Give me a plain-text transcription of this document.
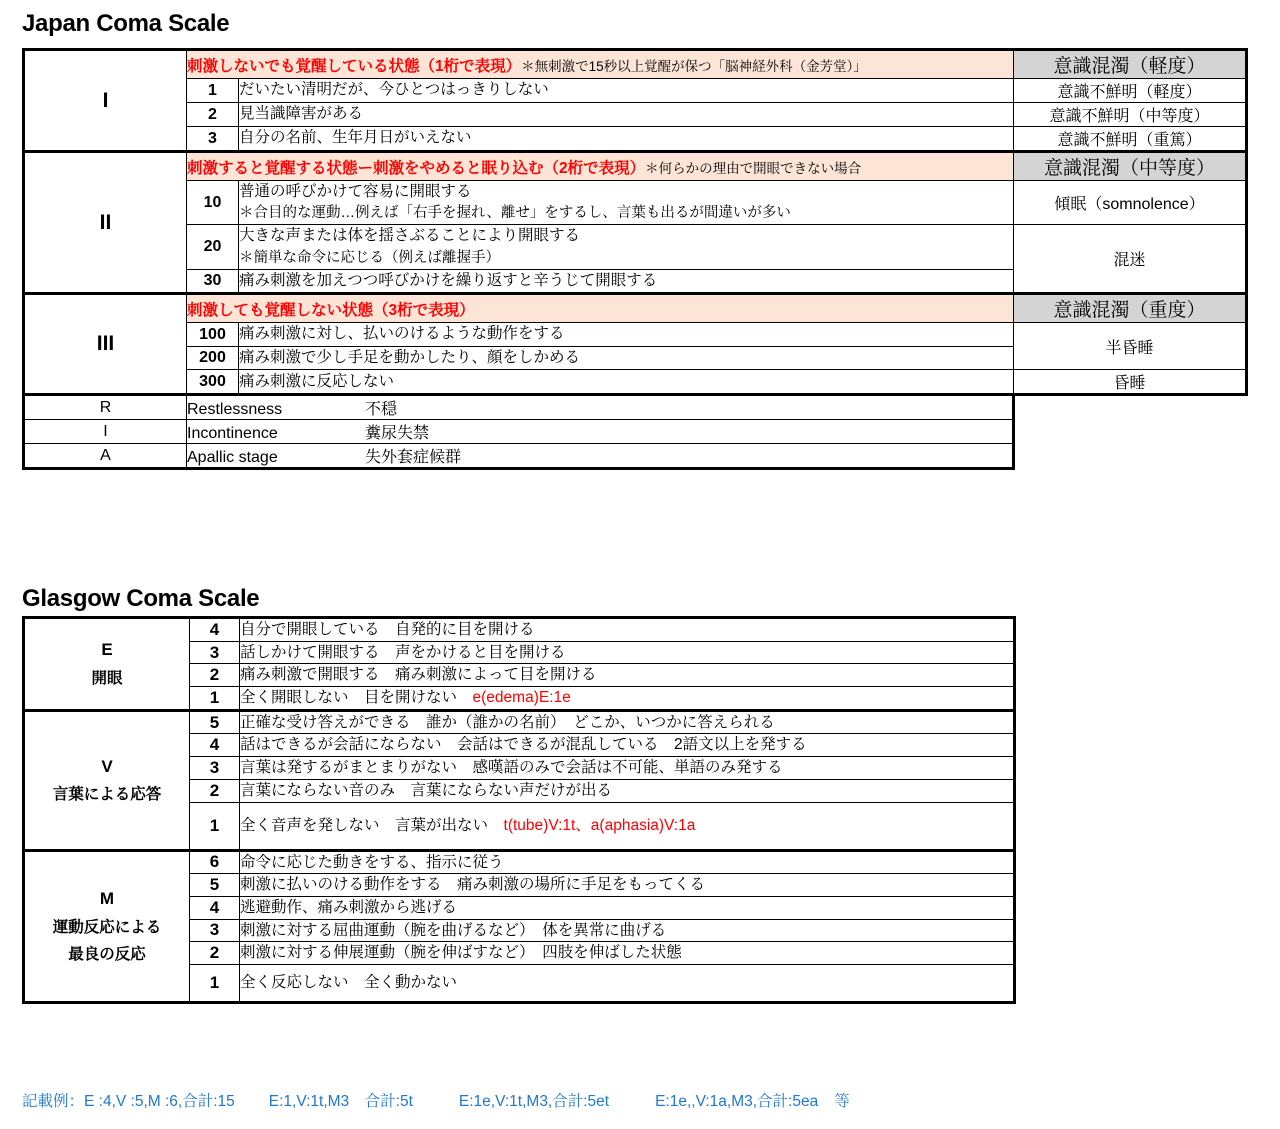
Japan Coma Scale
I	刺激しないでも覚醒している状態（1桁で表現）＊無刺激で15秒以上覚醒が保つ「脳神経外科（金芳堂）」		意識混濁（軽度）
	1	だいたい清明だが、今ひとつはっきりしない	意識不鮮明（軽度）
	2	見当識障害がある	意識不鮮明（中等度）
	3	自分の名前、生年月日がいえない	意識不鮮明（重篤）
II	刺激すると覚醒する状態ー刺激をやめると眠り込む（2桁で表現）＊何らかの理由で開眼できない場合		意識混濁（中等度）
	10	普通の呼びかけて容易に開眼する
＊合目的な運動…例えば「右手を握れ、離せ」をするし、言葉も出るが間違いが多い	傾眠（somnolence）
	20	大きな声または体を揺さぶることにより開眼する
＊簡単な命令に応じる（例えば離握手）	混迷
	30	痛み刺激を加えつつ呼びかけを繰り返すと辛うじて開眼する	
III	刺激しても覚醒しない状態（3桁で表現）		意識混濁（重度）
	100	痛み刺激に対し、払いのけるような動作をする	半昏睡
	200	痛み刺激で少し手足を動かしたり、顔をしかめる	
	300	痛み刺激に反応しない	昏睡
R	Restlessness 不穏		
I	Incontinence 糞尿失禁		
A	Apallic stage 失外套症候群		
Glasgow Coma Scale
E
開眼	4	自分で開眼している　自発的に目を開ける
	3	話しかけて開眼する　声をかけると目を開ける
	2	痛み刺激で開眼する　痛み刺激によって目を開ける
	1	全く開眼しない　目を開けない　e(edema)E:1e

V
言葉による応答	5	正確な受け答えができる　誰か（誰かの名前）　どこか、いつかに答えられる
	4	話はできるが会話にならない　会話はできるが混乱している　2語文以上を発する
	3	言葉は発するがまとまりがない　感嘆語のみで会話は不可能、単語のみ発する
	2	言葉にならない音のみ　言葉にならない声だけが出る
	1	全く音声を発しない　言葉が出ない　t(tube)V:1t、a(aphasia)V:1a

M
運動反応による
最良の反応	6	命令に応じた動きをする、指示に従う
	5	刺激に払いのける動作をする　痛み刺激の場所に手足をもってくる
	4	逃避動作、痛み刺激から逃げる
	3	刺激に対する屈曲運動（腕を曲げるなど）　体を異常に曲げる
	2	刺激に対する伸展運動（腕を伸ばすなど）　四肢を伸ばした状態
	1	全く反応しない　全く動かない
記載例：E :4,V :5,M :6,合計:15 E:1,V:1t,M3　合計:5t	E:1e,V:1t,M3,合計:5et	E:1e,,V:1a,M3,合計:5ea 等
